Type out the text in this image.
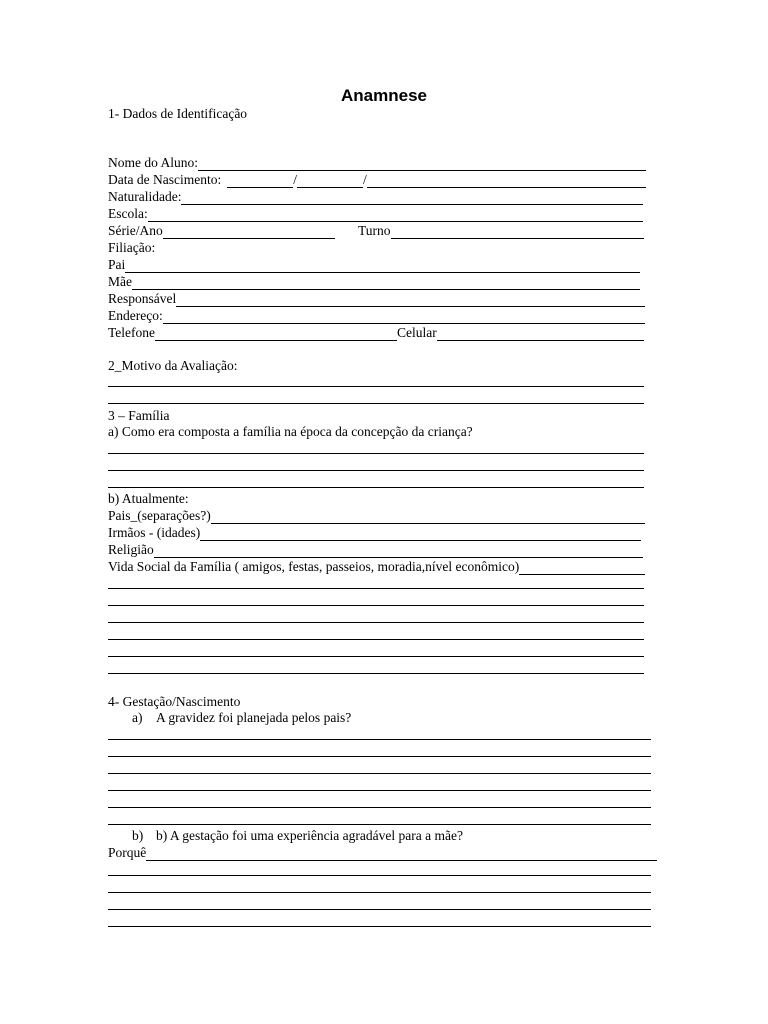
Anamnese
1- Dados de Identificação
Nome do Aluno:
Data de Nascimento:	/	/
Naturalidade:
Escola:
Série/Ano	Turno
Filiação:
Pai
Mãe
Responsável
Endereço:
Telefone	Celular
2_Motivo da Avaliação:
3 – Família
a) Como era composta a família na época da concepção da criança?
b) Atualmente:
Pais_(separações?)
Irmãos - (idades)
Religião
Vida Social da Família ( amigos, festas, passeios, moradia,nível econômico)
4- Gestação/Nascimento
a) A gravidez foi planejada pelos pais?
b) b) A gestação foi uma experiência agradável para a mãe?
Porquê
